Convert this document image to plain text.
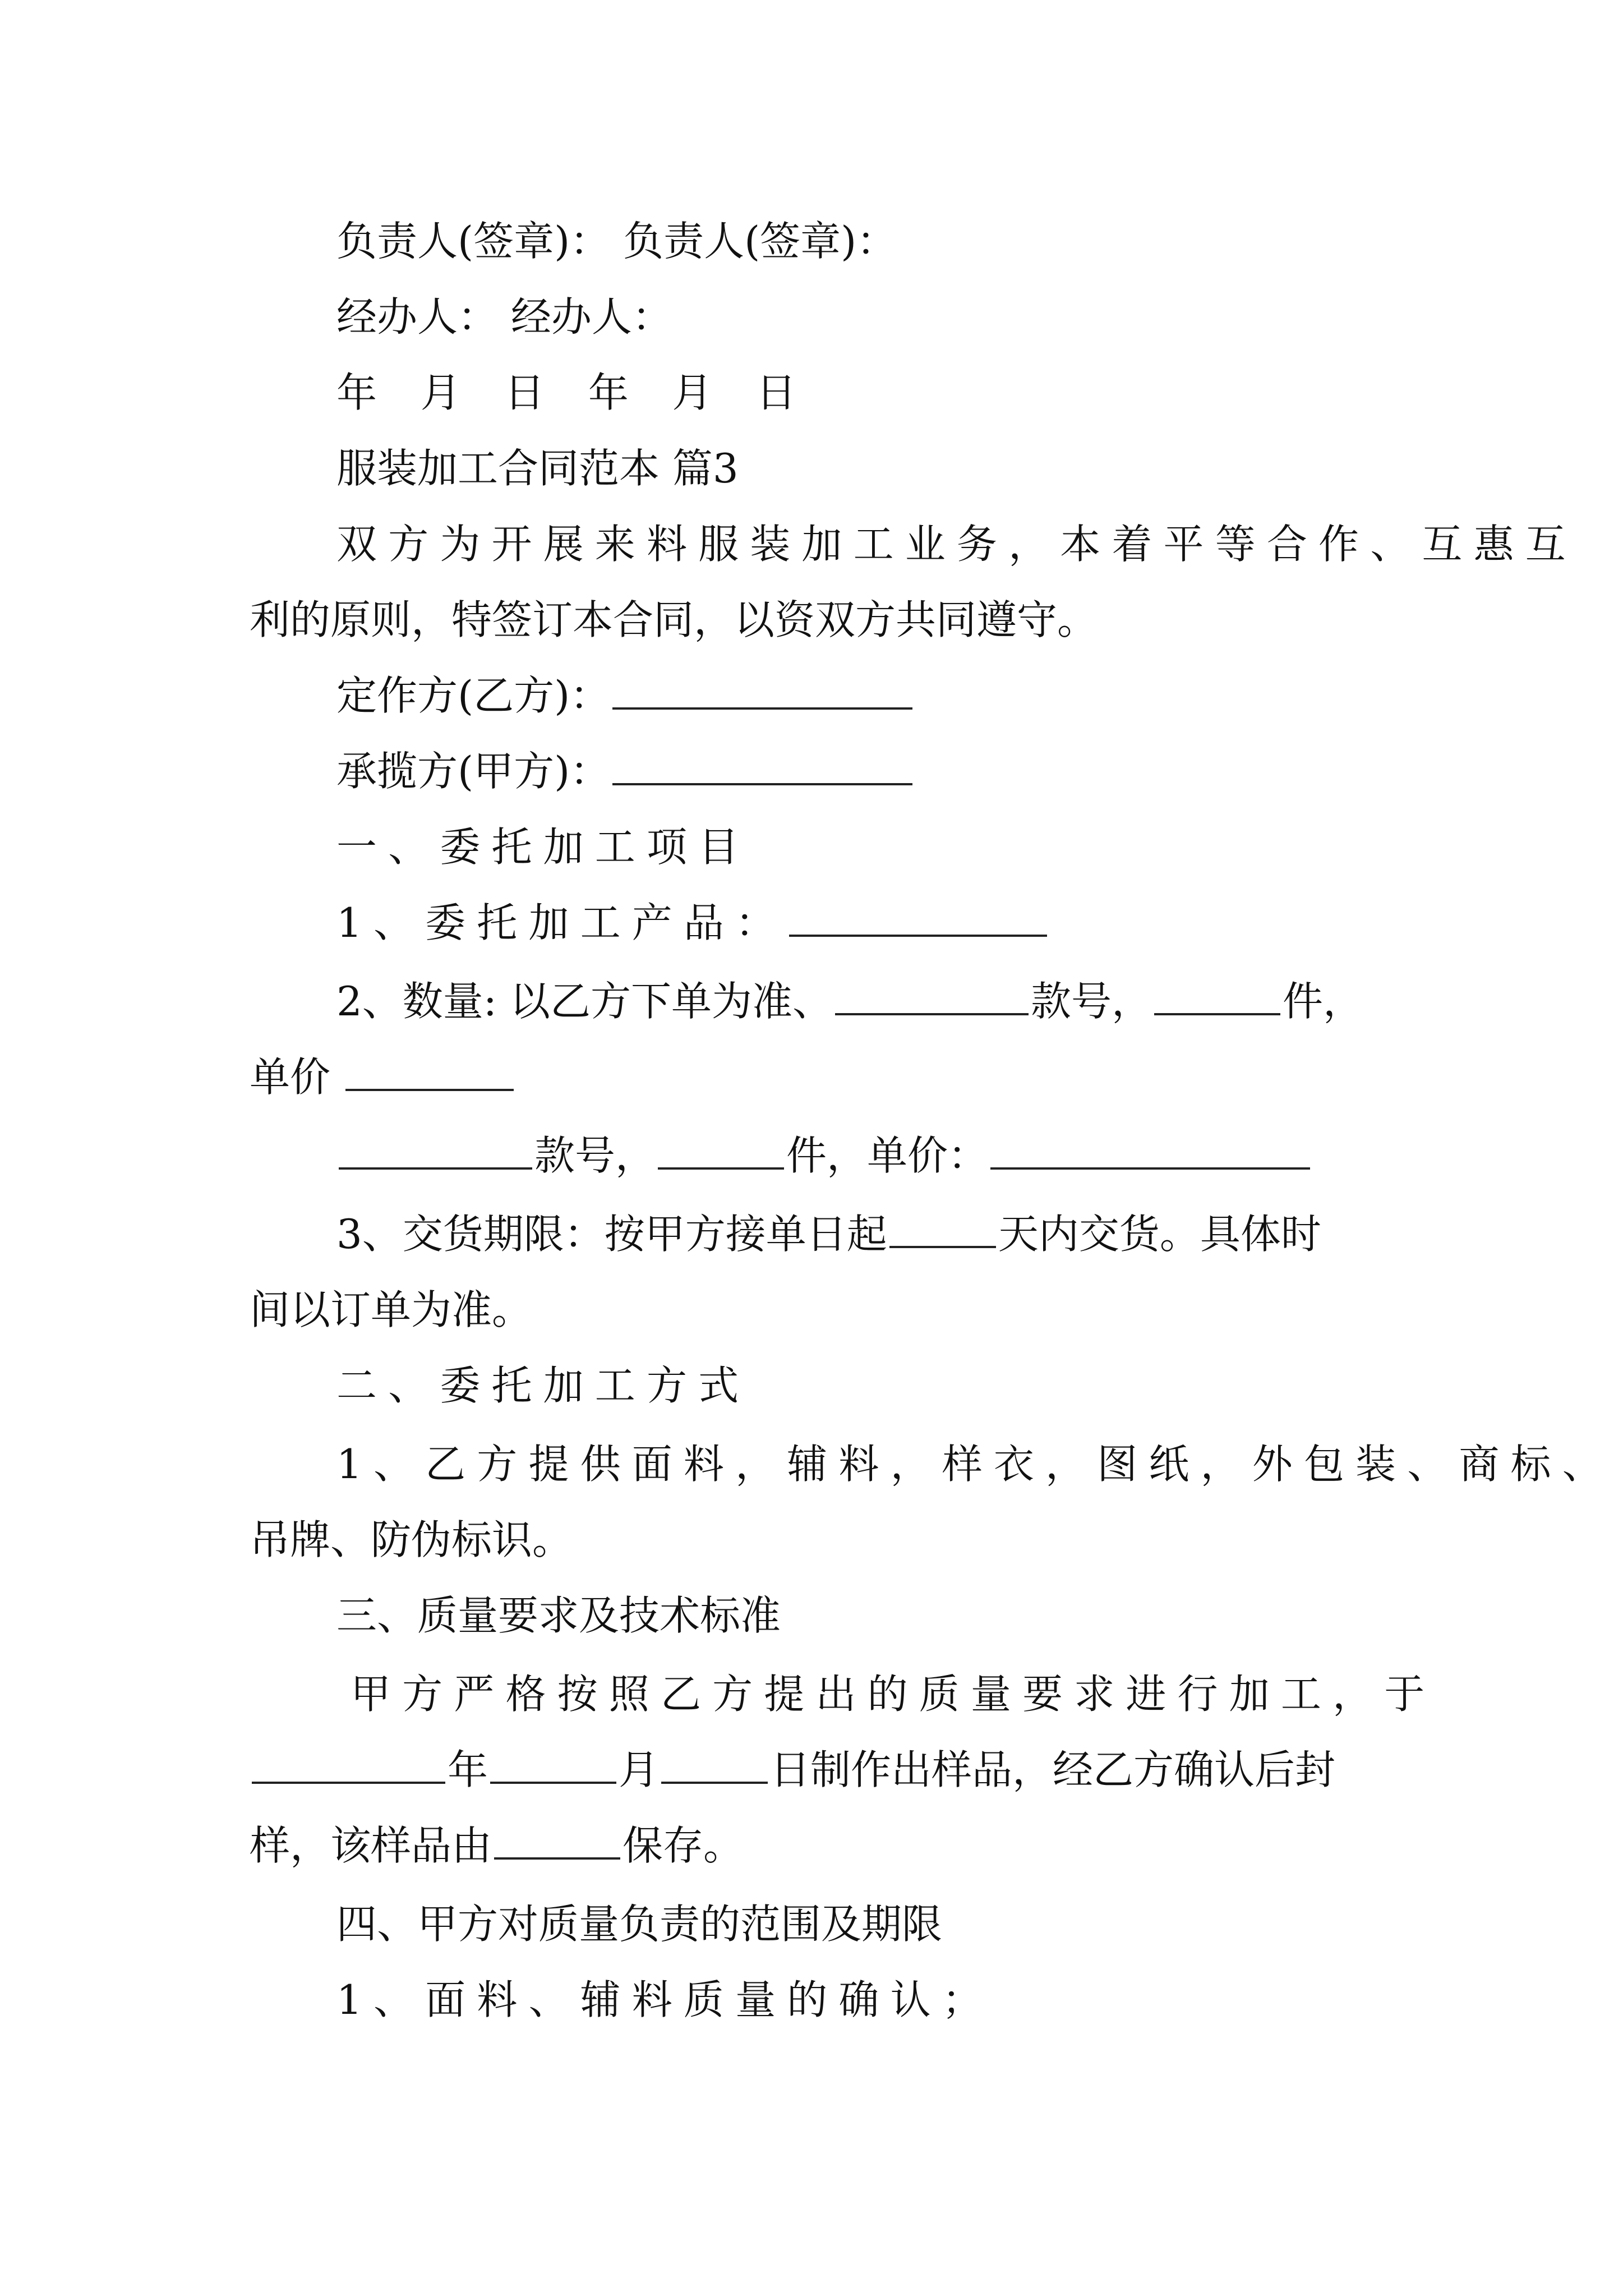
负责人(签章)： 负责人(签章)：
经办人： 经办人：
年 月 日 年 月 日
服装加工合同范本 篇3
双方为开展来料服装加工业务，本着平等合作、互惠互
利的原则，特签订本合同，以资双方共同遵守。
定作方(乙方)：
承揽方(甲方)：
一、委托加工项目
1、委托加工产品：
2、数量: 以乙方下单为准、	款号，	件，
单价
款号，	件，单价：
3、交货期限：按甲方接单日起	天内交货。具体时
间以订单为准。
二、委托加工方式
1、乙方提供面料，辅料，样衣，图纸，外包装、商标、
吊牌、防伪标识。
三、质量要求及技术标准
甲方严格按照乙方提出的质量要求进行加工，于
年	月	日制作出样品，经乙方确认后封
样，该样品由	保存。
四、甲方对质量负责的范围及期限
1、面料、辅料质量的确认；
